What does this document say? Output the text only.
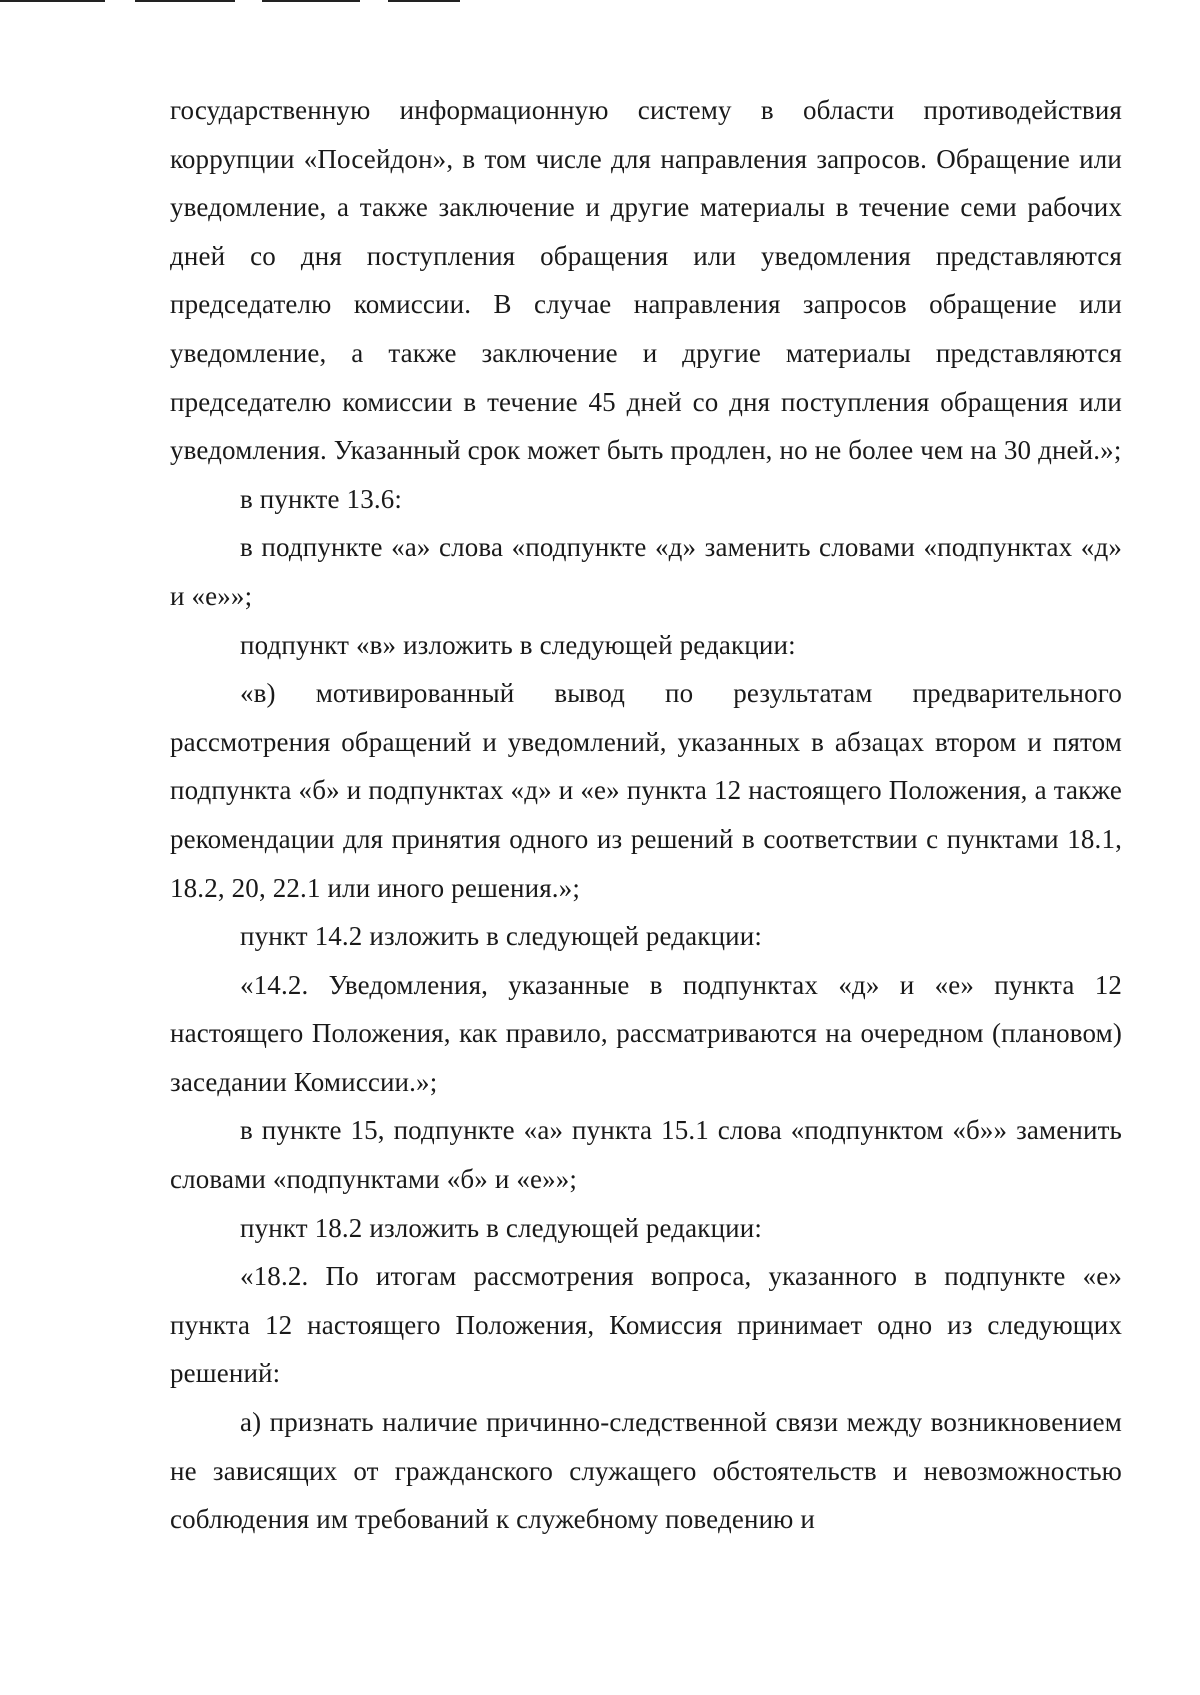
государственную информационную систему в области противодействия коррупции «Посейдон», в том числе для направления запросов. Обращение или уведомление, а также заключение и другие материалы в течение семи рабочих дней со дня поступления обращения или уведомления представляются председателю комиссии. В случае направления запросов обращение или уведомление, а также заключение и другие материалы представляются председателю комиссии в течение 45 дней со дня поступления обращения или уведомления. Указанный срок может быть продлен, но не более чем на 30 дней.»;

в пункте 13.6:

в подпункте «а» слова «подпункте «д» заменить словами «подпунктах «д» и «е»»;

подпункт «в» изложить в следующей редакции:

«в) мотивированный вывод по результатам предварительного рассмотрения обращений и уведомлений, указанных в абзацах втором и пятом подпункта «б» и подпунктах «д» и «е» пункта 12 настоящего Положения, а также рекомендации для принятия одного из решений в соответствии с пунктами 18.1, 18.2, 20, 22.1 или иного решения.»;

пункт 14.2 изложить в следующей редакции:

«14.2. Уведомления, указанные в подпунктах «д» и «е» пункта 12 настоящего Положения, как правило, рассматриваются на очередном (плановом) заседании Комиссии.»;

в пункте 15, подпункте «а» пункта 15.1 слова «подпунктом «б»» заменить словами «подпунктами «б» и «е»»;

пункт 18.2 изложить в следующей редакции:

«18.2. По итогам рассмотрения вопроса, указанного в подпункте «е» пункта 12 настоящего Положения, Комиссия принимает одно из следующих решений:

а) признать наличие причинно-следственной связи между возникновением не зависящих от гражданского служащего обстоятельств и невозможностью соблюдения им требований к служебному поведению и
